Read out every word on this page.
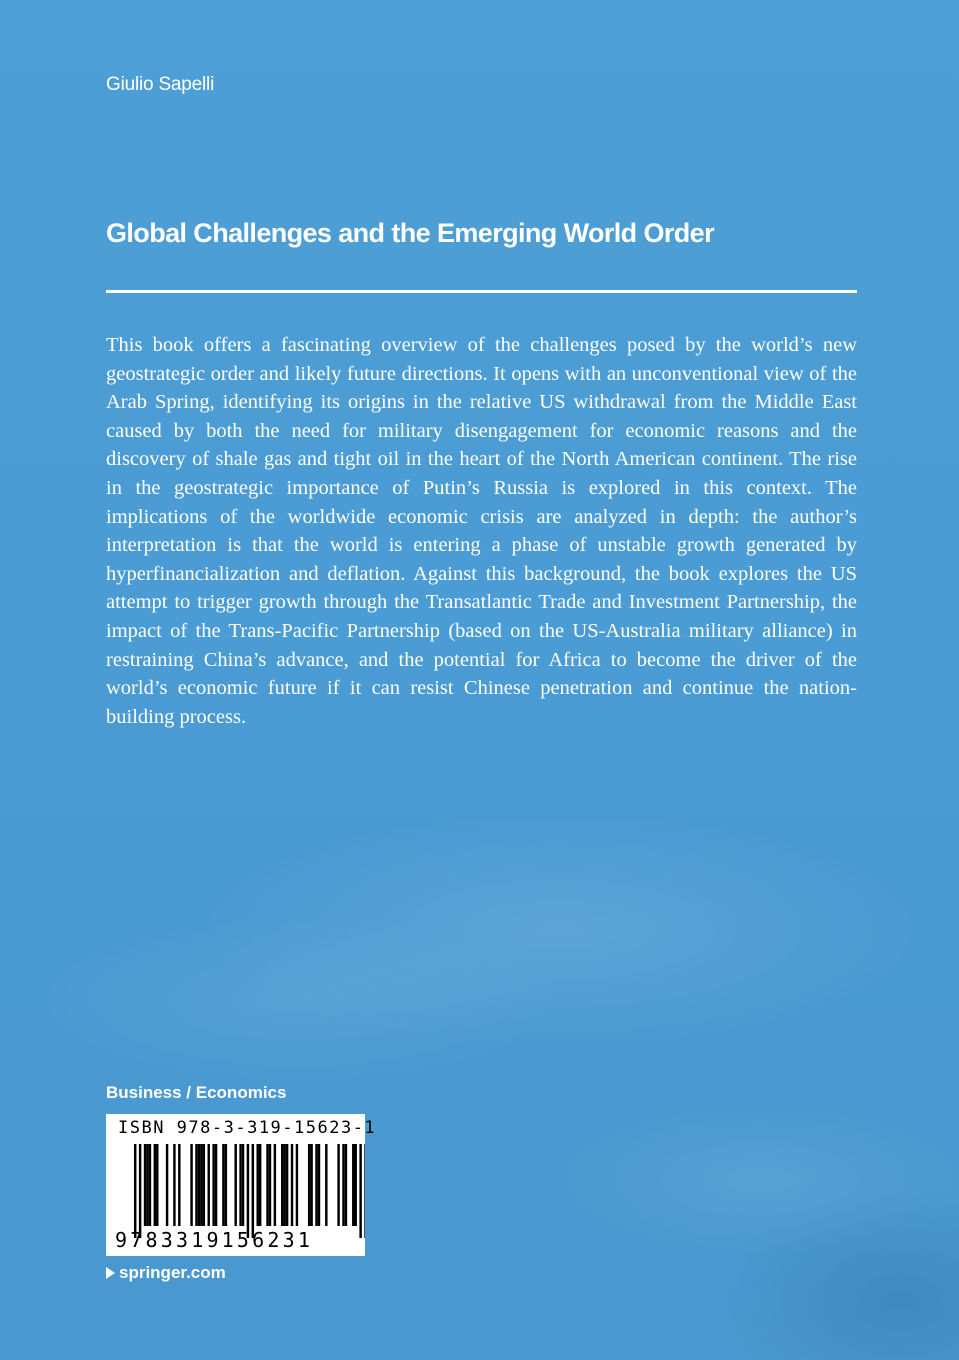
Giulio Sapelli
Global Challenges and the Emerging World Order

This book offers a fascinating overview of the challenges posed by the world’s new geostrategic order and likely future directions. It opens with an unconventional view of the Arab Spring, identifying its origins in the relative US withdrawal from the Middle East caused by both the need for military disengagement for economic reasons and the discovery of shale gas and tight oil in the heart of the North American continent. The rise in the geostrategic importance of Putin’s Russia is explored in this context. The implications of the worldwide economic crisis are analyzed in depth: the author’s interpretation is that the world is entering a phase of unstable growth generated by hyperfinancialization and deflation. Against this background, the book explores the US attempt to trigger growth through the Transatlantic Trade and Investment Partnership, the impact of the Trans-Pacific Partnership (based on the US-Australia military alliance) in restraining China’s advance, and the potential for Africa to become the driver of the world’s economic future if it can resist Chinese penetration and continue the nation-building process.

Business / Economics
ISBN 978-3-319-15623-1
9783319156231
springer.com
